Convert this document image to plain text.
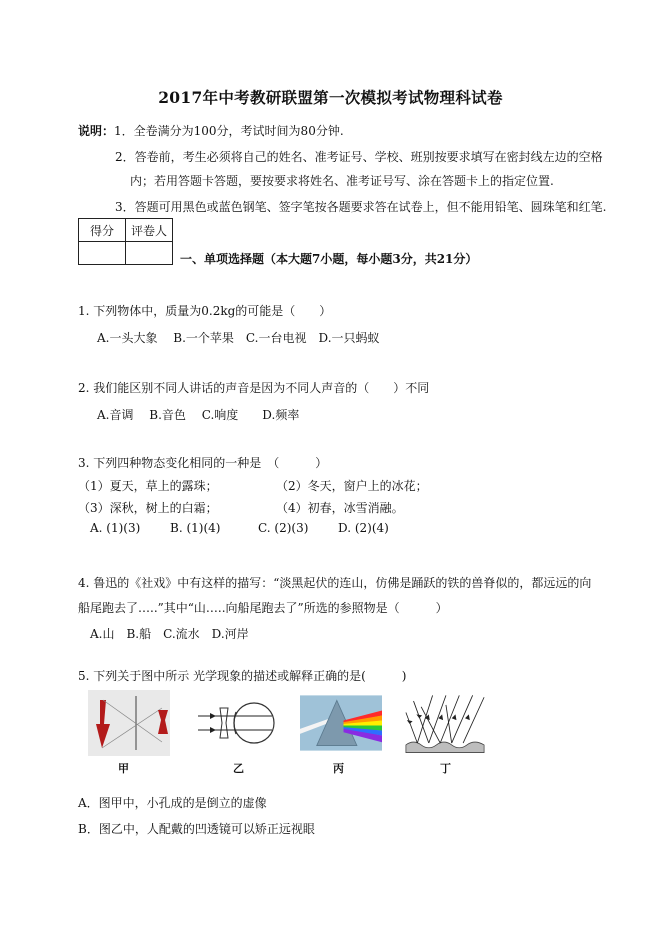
2017年中考教研联盟第一次模拟考试物理科试卷
说明：1．全卷满分为100分，考试时间为80分钟.
2．答卷前，考生必须将自己的姓名、准考证号、学校、班别按要求填写在密封线左边的空格
内；若用答题卡答题，要按要求将姓名、准考证号写、涂在答题卡上的指定位置.
3．答题可用黑色或蓝色钢笔、签字笔按各题要求答在试卷上，但不能用铅笔、圆珠笔和红笔.
得分	评卷人

一、单项选择题（本大题7小题，每小题3分，共21分）
1. 下列物体中，质量为0.2kg的可能是（　　）
A.一头大象　 B.一个苹果　C.一台电视　D.一只蚂蚁
2. 我们能区别不同人讲话的声音是因为不同人声音的（　　）不同
A.音调　 B.音色　 C.响度　　D.频率
3. 下列四种物态变化相同的一种是　（　　　）
（1）夏天，草上的露珠；	（2）冬天，窗户上的冰花；
（3）深秋，树上的白霜；	（4）初春，冰雪消融。
A. (1)(3) B. (1)(4)	C. (2)(3) D. (2)(4)
4. 鲁迅的《社戏》中有这样的描写：“淡黑起伏的连山，仿佛是踊跃的铁的兽脊似的，都远远的向
船尾跑去了…..”其中“山…..向船尾跑去了”所选的参照物是（　　　）
A.山　B.船　C.流水　D.河岸
5. 下列关于图中所示 光学现象的描述或解释正确的是(　　　)
甲	乙	丙	丁
A．图甲中，小孔成的是倒立的虚像
B．图乙中，人配戴的凹透镜可以矫正远视眼
